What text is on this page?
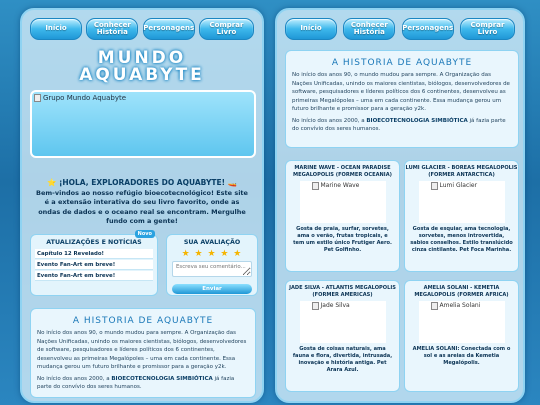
Início	Conhecer História	Personagens	Comprar Livro
MUNDO
AQUABYTE
Grupo Mundo Aquabyte
⭐ ¡HOLA, EXPLORADORES DO AQUABYTE! 🚤
Bem-vindos ao nosso refúgio bioecotecnológico! Este site é a extensão interativa do seu livro favorito, onde as ondas de dados e o oceano real se encontram. Mergulhe fundo com a gente!
Novo
ATUALIZAÇÕES E NOTÍCIAS
Capítulo 12 Revelado!
Evento Fan-Art em breve!
Evento Fan-Art em breve!
SUA AVALIAÇÃO
★ ★ ★ ★ ★
Escreva seu comentário...
Enviar
A HISTORIA DE AQUABYTE

No início dos anos 90, o mundo mudou para sempre. A Organização das Nações Unificadas, unindo os maiores cientistas, biólogos, desenvolvedores de software, pesquisadores e líderes políticos dos 6 continentes, desenvolveu as primeiras Megalópoles – uma em cada continente. Essa mudança gerou um futuro brilhante e promissor para a geração y2k.

No início dos anos 2000, a BIOECOTECNOLOGIA SIMBIÓTICA já fazia parte do convívio dos seres humanos.

Início	Conhecer História	Personagens	Comprar Livro
A HISTORIA DE AQUABYTE

No início dos anos 90, o mundo mudou para sempre. A Organização das Nações Unificadas, unindo os maiores cientistas, biólogos, desenvolvedores de software, pesquisadores e líderes políticos dos 6 continentes, desenvolveu as primeiras Megalópoles – uma em cada continente. Essa mudança gerou um futuro brilhante e promissor para a geração y2k.

No início dos anos 2000, a BIOECOTECNOLOGIA SIMBIÓTICA já fazia parte do convívio dos seres humanos.

MARINE WAVE - OCEAN PARADISE MEGALOPOLIS (FORMER OCEANIA)
Marine Wave
Gosta de praia, surfar, sorvetes, ama o verão, frutas tropicais, e tem um estilo único Frutiger Aero. Pet Golfinho.
LUMI GLACIER - BOREAS MEGALOPOLIS (FORMER ANTARCTICA)
Lumi Glacier
Gosta de esquiar, ama tecnologia, sorvetes, menos introvertida, sabios conselhos. Estilo translúcido cinza cintilante. Pet Foca Marinha.
JADE SILVA - ATLANTIS MEGALOPOLIS (FORMER AMERICAS)
Jade Silva
Gosta de coisas naturais, ama fauna e flora, divertida, intrusada, inovação e história antiga. Pet Arara Azul.
AMELIA SOLANI - KEMETIA MEGALOPOLIS (FORMER AFRICA)
Amelia Solani
AMELIA SOLANI: Conectada com o sol e as areias da Kemetia Megalópolis.
